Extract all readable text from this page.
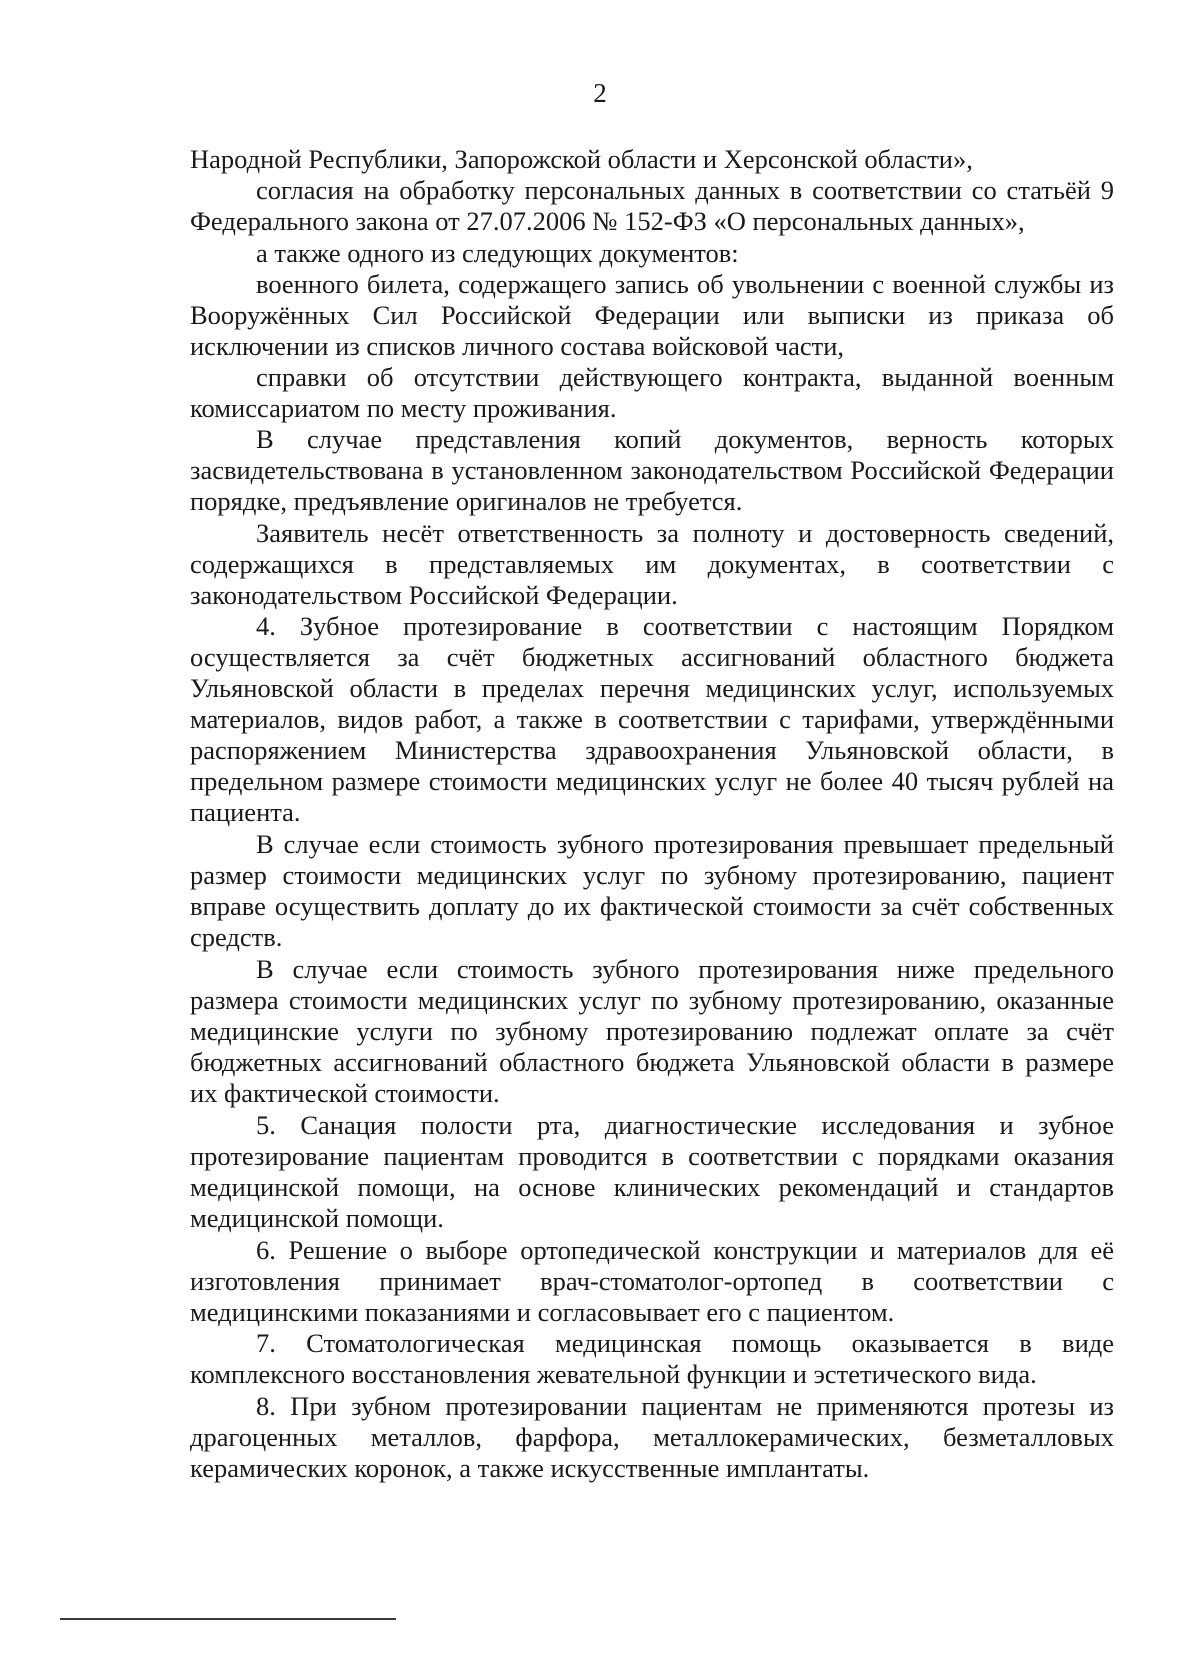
2

Народной Республики, Запорожской области и Херсонской области»,

согласия на обработку персональных данных в соответствии со статьёй 9 Федерального закона от 27.07.2006 № 152-ФЗ «О персональных данных»,

а также одного из следующих документов:

военного билета, содержащего запись об увольнении с военной службы из Вооружённых Сил Российской Федерации или выписки из приказа об исключении из списков личного состава войсковой части,

справки об отсутствии действующего контракта, выданной военным комиссариатом по месту проживания.

В случае представления копий документов, верность которых засвидетельствована в установленном законодательством Российской Федерации порядке, предъявление оригиналов не требуется.

Заявитель несёт ответственность за полноту и достоверность сведений, содержащихся в представляемых им документах, в соответствии с законодательством Российской Федерации.

4. Зубное протезирование в соответствии с настоящим Порядком осуществляется за счёт бюджетных ассигнований областного бюджета Ульяновской области в пределах перечня медицинских услуг, используемых материалов, видов работ, а также в соответствии с тарифами, утверждёнными распоряжением Министерства здравоохранения Ульяновской области, в предельном размере стоимости медицинских услуг не более 40 тысяч рублей на пациента.

В случае если стоимость зубного протезирования превышает предельный размер стоимости медицинских услуг по зубному протезированию, пациент вправе осуществить доплату до их фактической стоимости за счёт собственных средств.

В случае если стоимость зубного протезирования ниже предельного размера стоимости медицинских услуг по зубному протезированию, оказанные медицинские услуги по зубному протезированию подлежат оплате за счёт бюджетных ассигнований областного бюджета Ульяновской области в размере их фактической стоимости.

5. Санация полости рта, диагностические исследования и зубное протезирование пациентам проводится в соответствии с порядками оказания медицинской помощи, на основе клинических рекомендаций и стандартов медицинской помощи.

6. Решение о выборе ортопедической конструкции и материалов для её изготовления принимает врач-стоматолог-ортопед в соответствии с медицинскими показаниями и согласовывает его с пациентом.

7. Стоматологическая медицинская помощь оказывается в виде комплексного восстановления жевательной функции и эстетического вида.

8. При зубном протезировании пациентам не применяются протезы из драгоценных металлов, фарфора, металлокерамических, безметалловых керамических коронок, а также искусственные имплантаты.
